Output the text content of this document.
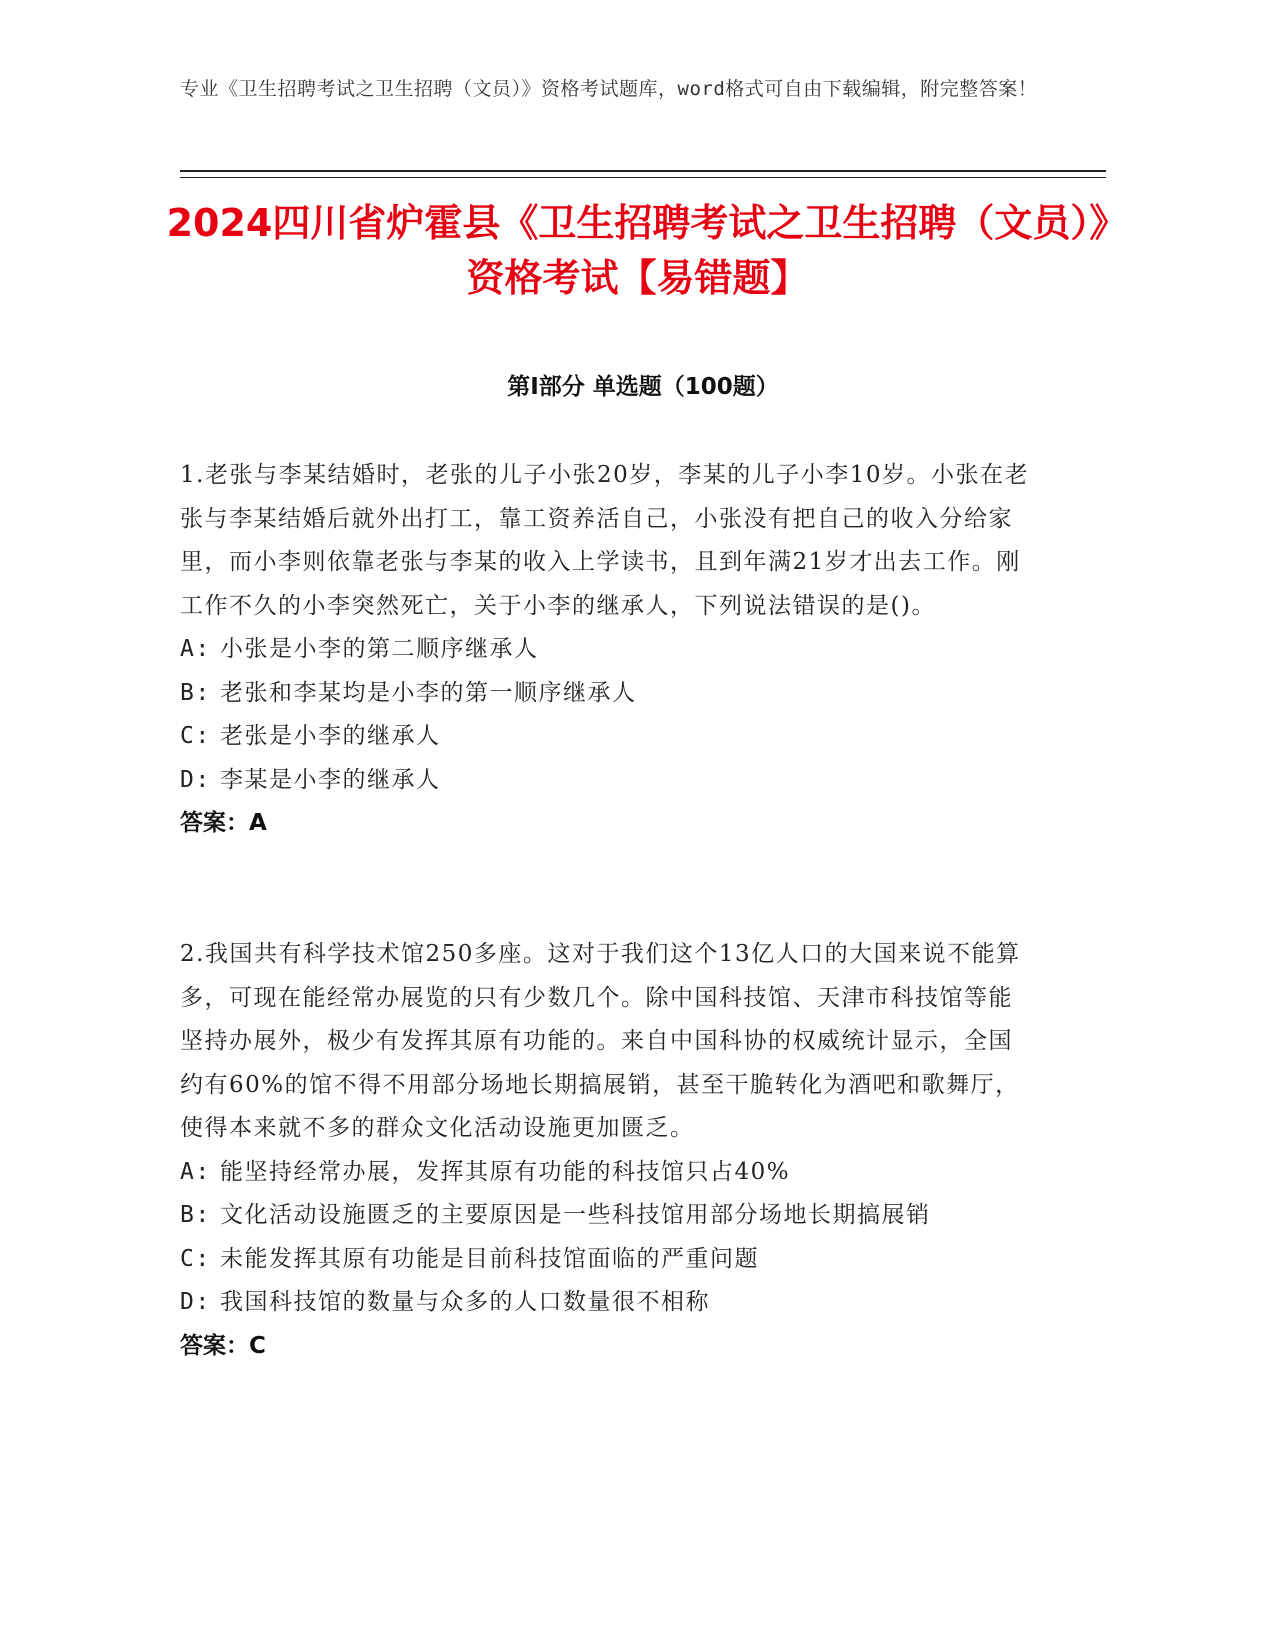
专业《卫生招聘考试之卫生招聘（文员）》资格考试题库，word格式可自由下载编辑，附完整答案！
2024四川省炉霍县《卫生招聘考试之卫生招聘（文员）》资格考试【易错题】
第Ⅰ部分 单选题（100题）

1.老张与李某结婚时，老张的儿子小张20岁，李某的儿子小李10岁。小张在老张与李某结婚后就外出打工，靠工资养活自己，小张没有把自己的收入分给家里，而小李则依靠老张与李某的收入上学读书，且到年满21岁才出去工作。刚工作不久的小李突然死亡，关于小李的继承人，下列说法错误的是()。

A: 小张是小李的第二顺序继承人

B: 老张和李某均是小李的第一顺序继承人

C: 老张是小李的继承人

D: 李某是小李的继承人

答案：A

2.我国共有科学技术馆250多座。这对于我们这个13亿人口的大国来说不能算多，可现在能经常办展览的只有少数几个。除中国科技馆、天津市科技馆等能坚持办展外，极少有发挥其原有功能的。来自中国科协的权威统计显示，全国约有60%的馆不得不用部分场地长期搞展销，甚至干脆转化为酒吧和歌舞厅，使得本来就不多的群众文化活动设施更加匮乏。

A: 能坚持经常办展，发挥其原有功能的科技馆只占40%

B: 文化活动设施匮乏的主要原因是一些科技馆用部分场地长期搞展销

C: 未能发挥其原有功能是目前科技馆面临的严重问题

D: 我国科技馆的数量与众多的人口数量很不相称

答案：C
